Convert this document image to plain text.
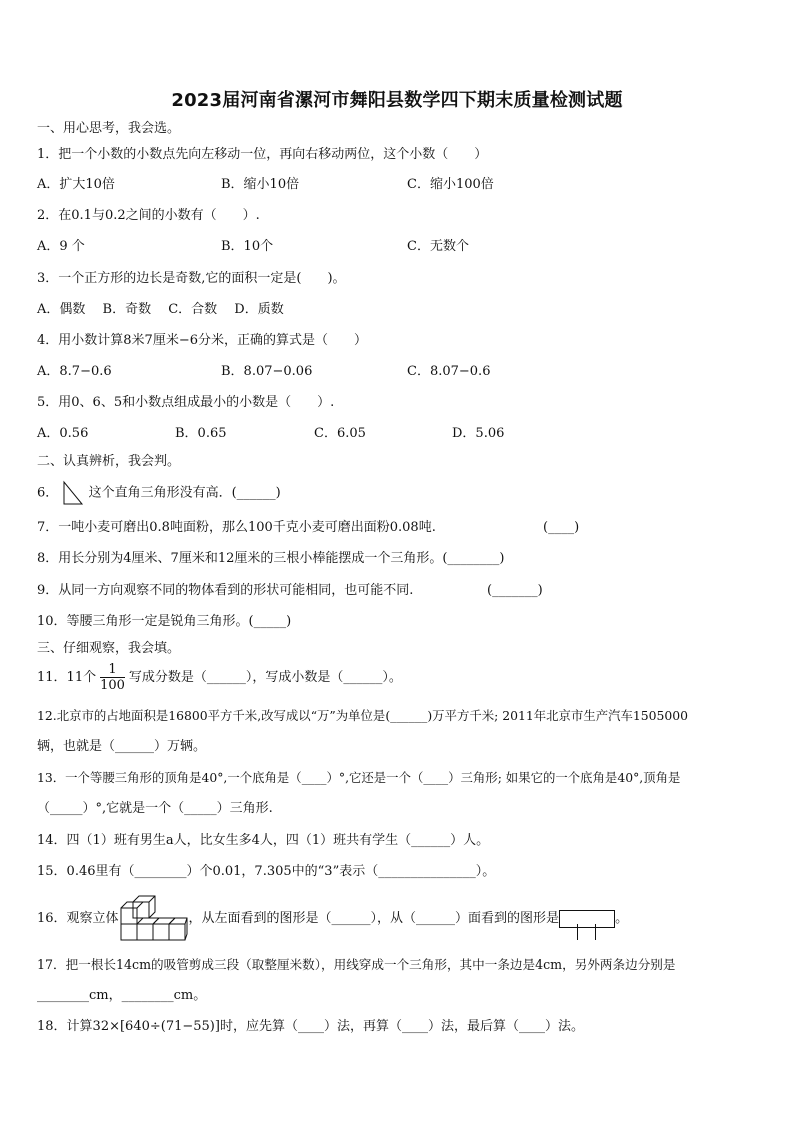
2023届河南省漯河市舞阳县数学四下期末质量检测试题
一、用心思考，我会选。
1．把一个小数的小数点先向左移动一位，再向右移动两位，这个小数（　　）
A．扩大10倍	B．缩小10倍	C．缩小100倍
2．在0.1与0.2之间的小数有（　　）.
A．9 个	B．10个	C．无数个
3．一个正方形的边长是奇数,它的面积一定是(　　)。
A．偶数　 B．奇数　 C．合数　 D．质数
4．用小数计算8米7厘米−6分米，正确的算式是（　　）
A．8.7−0.6	B．8.07−0.06	C．8.07−0.6
5．用0、6、5和小数点组成最小的小数是（　　）.
A．0.56	B．0.65	C．6.05	D．5.06
二、认真辨析，我会判。
6． 这个直角三角形没有高．(______)
7．一吨小麦可磨出0.8吨面粉，那么100千克小麦可磨出面粉0.08吨.	(____)
8．用长分别为4厘米、7厘米和12厘米的三根小棒能摆成一个三角形。(________)
9．从同一方向观察不同的物体看到的形状可能相同，也可能不同.	(_______)
10．等腰三角形一定是锐角三角形。(_____)
三、仔细观察，我会填。
11．11个 $\frac{1}{100}$ 写成分数是（______），写成小数是（______）。
12.北京市的占地面积是16800平方千米,改写成以“万”为单位是(______)万平方千米; 2011年北京市生产汽车1505000
辆，也就是（______）万辆。
13．一个等腰三角形的顶角是40°,一个底角是（____）°,它还是一个（____）三角形; 如果它的一个底角是40°,顶角是
（_____）°,它就是一个（_____）三角形.
14．四（1）班有男生a人，比女生多4人，四（1）班共有学生（______）人。
15．0.46里有（________）个0.01，7.305中的“3”表示（_______________）。
16．观察立体	，从左面看到的图形是（______），从（______）面看到的图形是	。
17．把一根长14cm的吸管剪成三段（取整厘米数），用线穿成一个三角形，其中一条边是4cm，另外两条边分别是
________cm，________cm。
18．计算32×[640÷(71−55)]时，应先算（____）法，再算（____）法，最后算（____）法。
